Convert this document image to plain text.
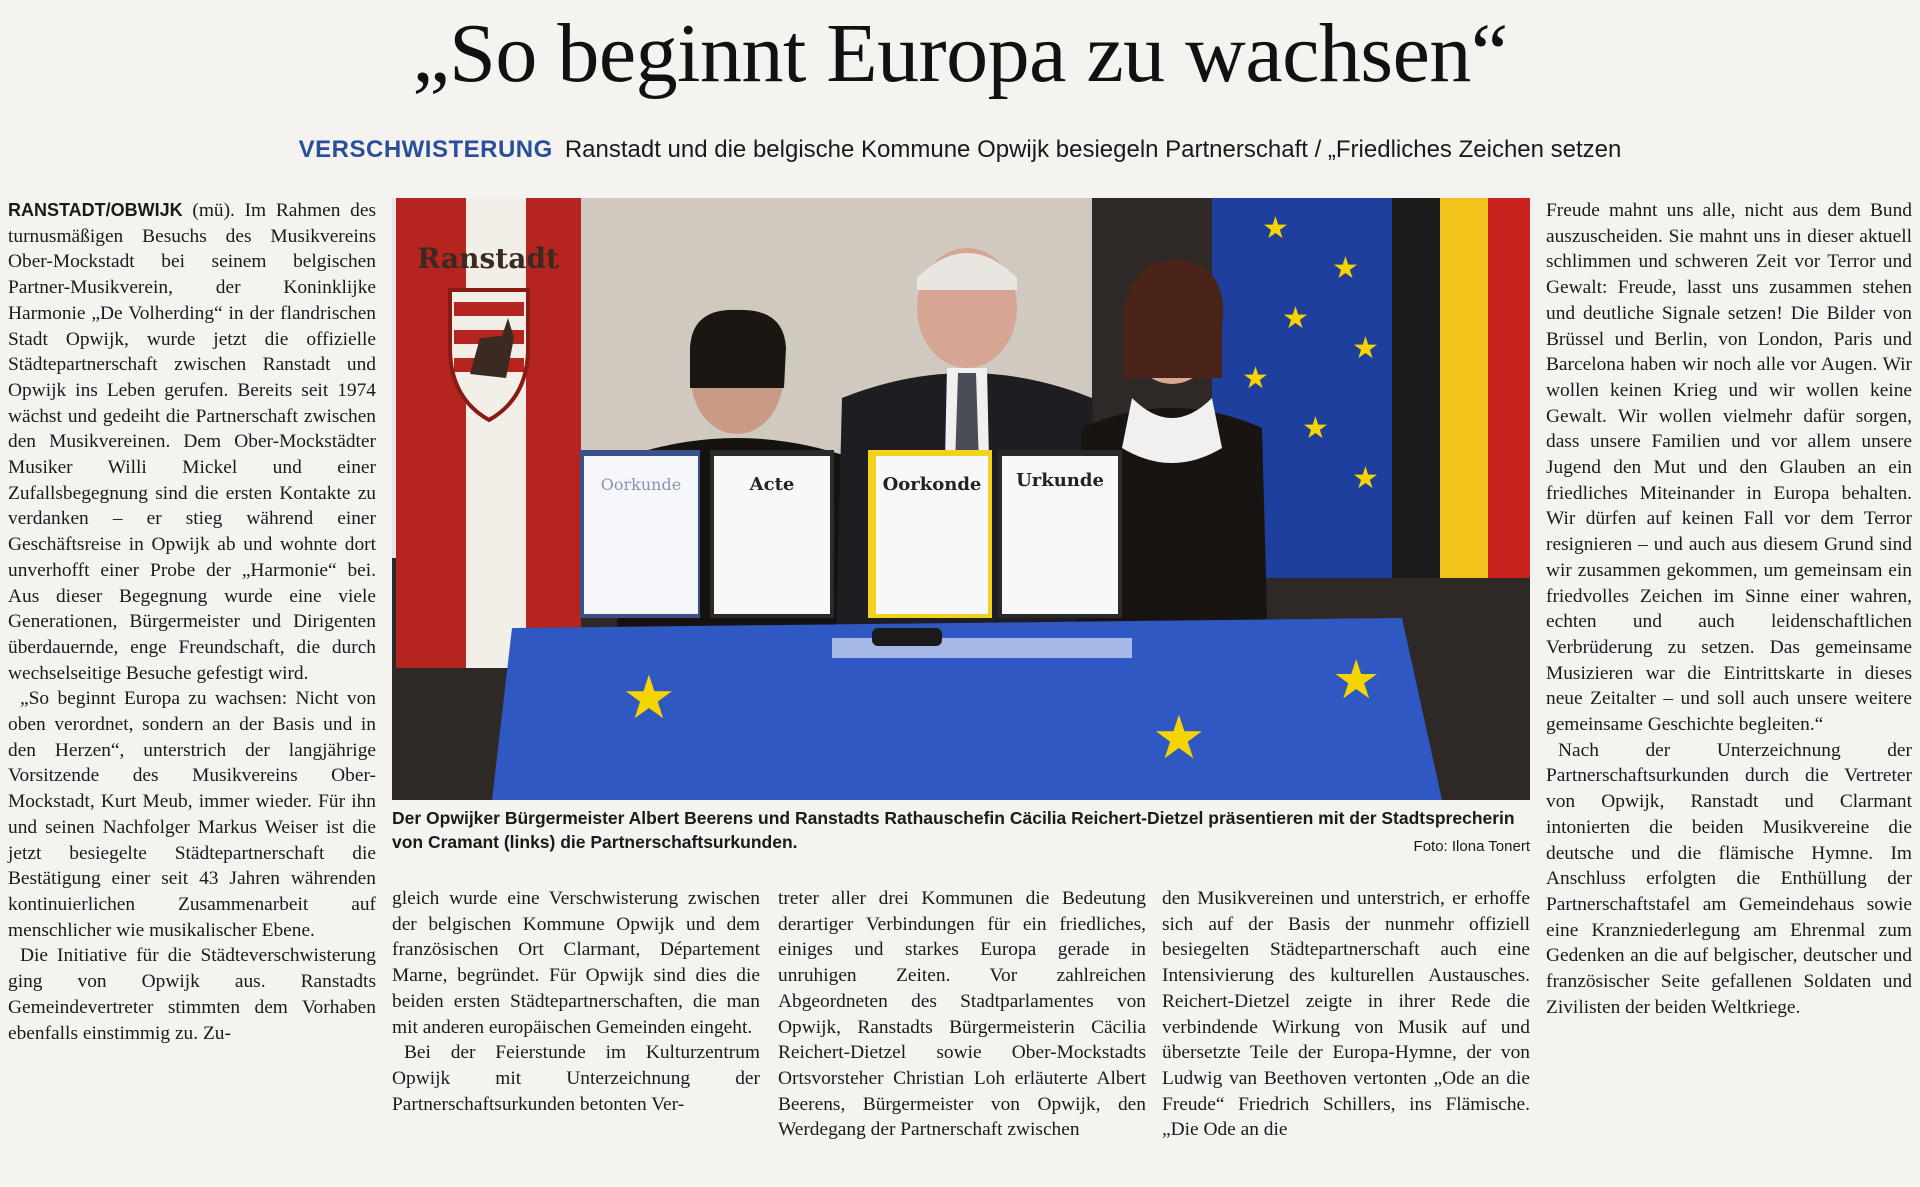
„So beginnt Europa zu wachsen“
VERSCHWISTERUNG Ranstadt und die belgische Kommune Opwijk besiegeln Partnerschaft / „Friedliches Zeichen setzen

RANSTADT/OBWIJK (mü). Im Rahmen des turnusmäßigen Besuchs des Musikvereins Ober-Mockstadt bei seinem belgischen Partner-Musikverein, der Koninklijke Harmonie „De Volherding“ in der flandrischen Stadt Opwijk, wurde jetzt die offizielle Städtepartnerschaft zwischen Ranstadt und Opwijk ins Leben gerufen. Bereits seit 1974 wächst und gedeiht die Partnerschaft zwischen den Musikvereinen. Dem Ober-Mockstädter Musiker Willi Mickel und einer Zufallsbegegnung sind die ersten Kontakte zu verdanken – er stieg während einer Geschäftsreise in Opwijk ab und wohnte dort unverhofft einer Probe der „Harmonie“ bei. Aus dieser Begegnung wurde eine viele Generationen, Bürgermeister und Dirigenten überdauernde, enge Freundschaft, die durch wechselseitige Besuche gefestigt wird.

„So beginnt Europa zu wachsen: Nicht von oben verordnet, sondern an der Basis und in den Herzen“, unterstrich der langjährige Vorsitzende des Musikvereins Ober-Mockstadt, Kurt Meub, immer wieder. Für ihn und seinen Nachfolger Markus Weiser ist die jetzt besiegelte Städtepartnerschaft die Bestätigung einer seit 43 Jahren währenden kontinuierlichen Zusammenarbeit auf menschlicher wie musikalischer Ebene.

Die Initiative für die Städteverschwisterung ging von Opwijk aus. Ranstadts Gemeindevertreter stimmten dem Vorhaben ebenfalls einstimmig zu. Zu-

Ranstadt
★
★
★
★
★
★
★
Oorkunde	Acte	Oorkonde Urkunde
★
★
★
Der Opwijker Bürgermeister Albert Beerens und Ranstadts Rathauschefin Cäcilia Reichert-Dietzel präsentieren mit der Stadtsprecherin von Cramant (links) die Partnerschaftsurkunden.	Foto: Ilona Tonert

gleich wurde eine Verschwisterung zwischen der belgischen Kommune Opwijk und dem französischen Ort Clarmant, Département Marne, begründet. Für Opwijk sind dies die beiden ersten Städtepartnerschaften, die man mit anderen europäischen Gemeinden eingeht.

Bei der Feierstunde im Kulturzentrum Opwijk mit Unterzeichnung der Partnerschaftsurkunden betonten Ver-

treter aller drei Kommunen die Bedeutung derartiger Verbindungen für ein friedliches, einiges und starkes Europa gerade in unruhigen Zeiten. Vor zahlreichen Abgeordneten des Stadtparlamentes von Opwijk, Ranstadts Bürgermeisterin Cäcilia Reichert-Dietzel sowie Ober-Mockstadts Ortsvorsteher Christian Loh erläuterte Albert Beerens, Bürgermeister von Opwijk, den Werdegang der Partnerschaft zwischen

den Musikvereinen und unterstrich, er erhoffe sich auf der Basis der nunmehr offiziell besiegelten Städtepartnerschaft auch eine Intensivierung des kulturellen Austausches. Reichert-Dietzel zeigte in ihrer Rede die verbindende Wirkung von Musik auf und übersetzte Teile der Europa-Hymne, der von Ludwig van Beethoven vertonten „Ode an die Freude“ Friedrich Schillers, ins Flämische. „Die Ode an die

Freude mahnt uns alle, nicht aus dem Bund auszuscheiden. Sie mahnt uns in dieser aktuell schlimmen und schweren Zeit vor Terror und Gewalt: Freude, lasst uns zusammen stehen und deutliche Signale setzen! Die Bilder von Brüssel und Berlin, von London, Paris und Barcelona haben wir noch alle vor Augen. Wir wollen keinen Krieg und wir wollen keine Gewalt. Wir wollen vielmehr dafür sorgen, dass unsere Familien und vor allem unsere Jugend den Mut und den Glauben an ein friedliches Miteinander in Europa behalten. Wir dürfen auf keinen Fall vor dem Terror resignieren – und auch aus diesem Grund sind wir zusammen gekommen, um gemeinsam ein friedvolles Zeichen im Sinne einer wahren, echten und auch leidenschaftlichen Verbrüderung zu setzen. Das gemeinsame Musizieren war die Eintrittskarte in dieses neue Zeitalter – und soll auch unsere weitere gemeinsame Geschichte begleiten.“

Nach der Unterzeichnung der Partnerschaftsurkunden durch die Vertreter von Opwijk, Ranstadt und Clarmant intonierten die beiden Musikvereine die deutsche und die flämische Hymne. Im Anschluss erfolgten die Enthüllung der Partnerschaftstafel am Gemeindehaus sowie eine Kranzniederlegung am Ehrenmal zum Gedenken an die auf belgischer, deutscher und französischer Seite gefallenen Soldaten und Zivilisten der beiden Weltkriege.
